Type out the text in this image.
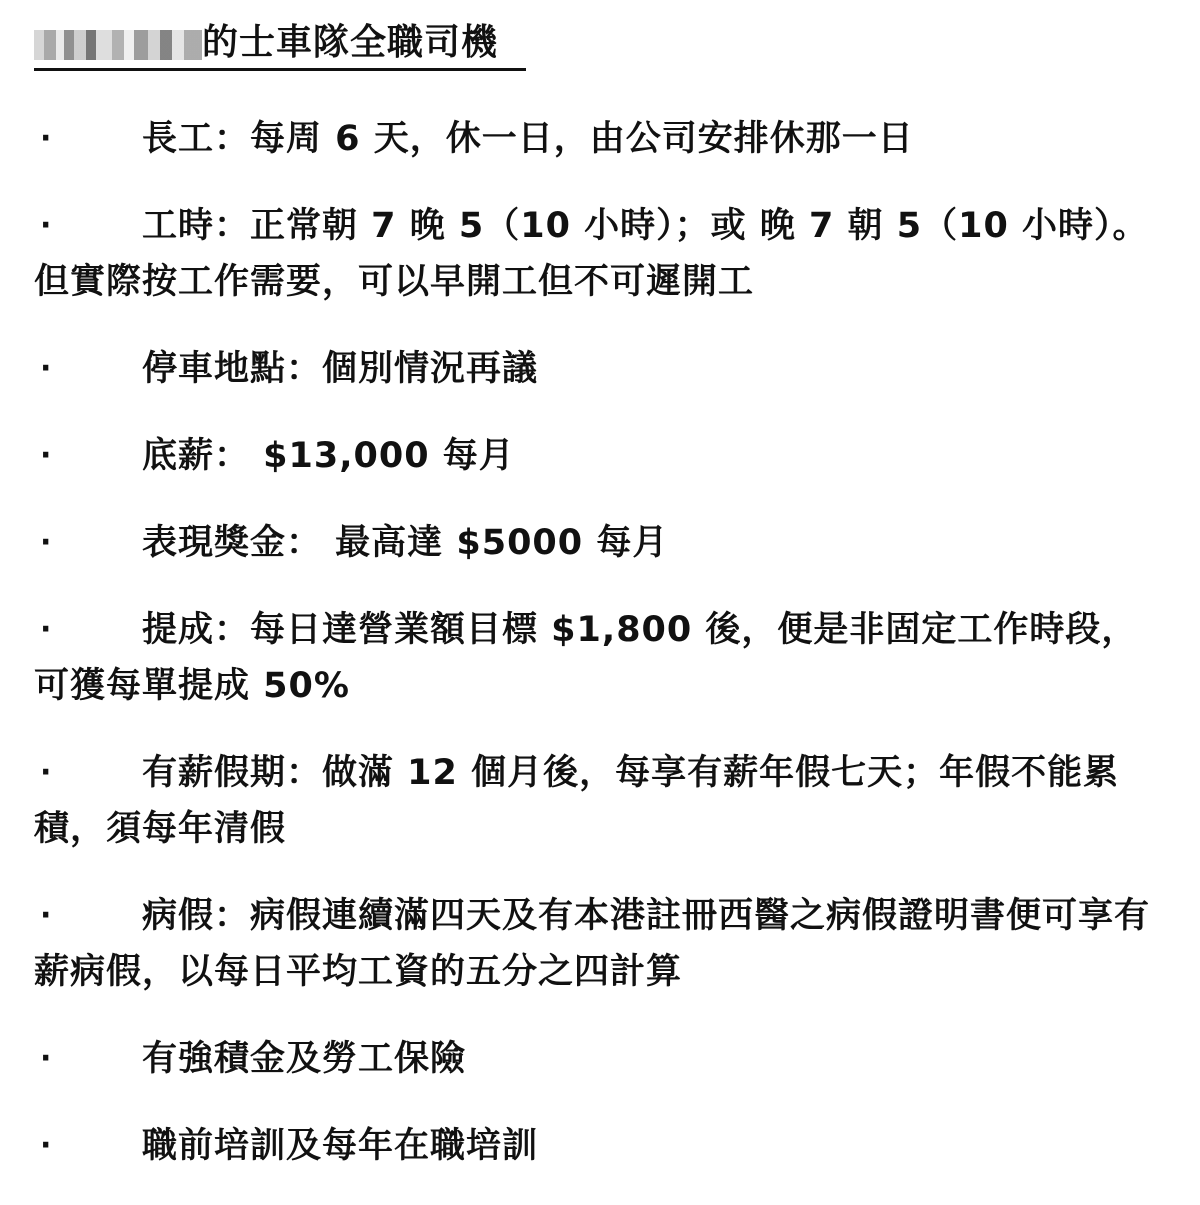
的士車隊全職司機
·	長工：每周 6 天，休一日，由公司安排休那一日
·	工時：正常朝 7 晚 5（10 小時）；或 晚 7 朝 5（10 小時）。但實際按工作需要，可以早開工但不可遲開工
·	停車地點：個別情況再議
·	底薪： $13,000 每月
·	表現獎金： 最高達 $5000 每月
·	提成：每日達營業額目標 $1,800 後，便是非固定工作時段，可獲每單提成 50%
·	有薪假期：做滿 12 個月後，每享有薪年假七天；年假不能累積，須每年清假
·	病假：病假連續滿四天及有本港註冊西醫之病假證明書便可享有薪病假，以每日平均工資的五分之四計算
·	有強積金及勞工保險
·	職前培訓及每年在職培訓
